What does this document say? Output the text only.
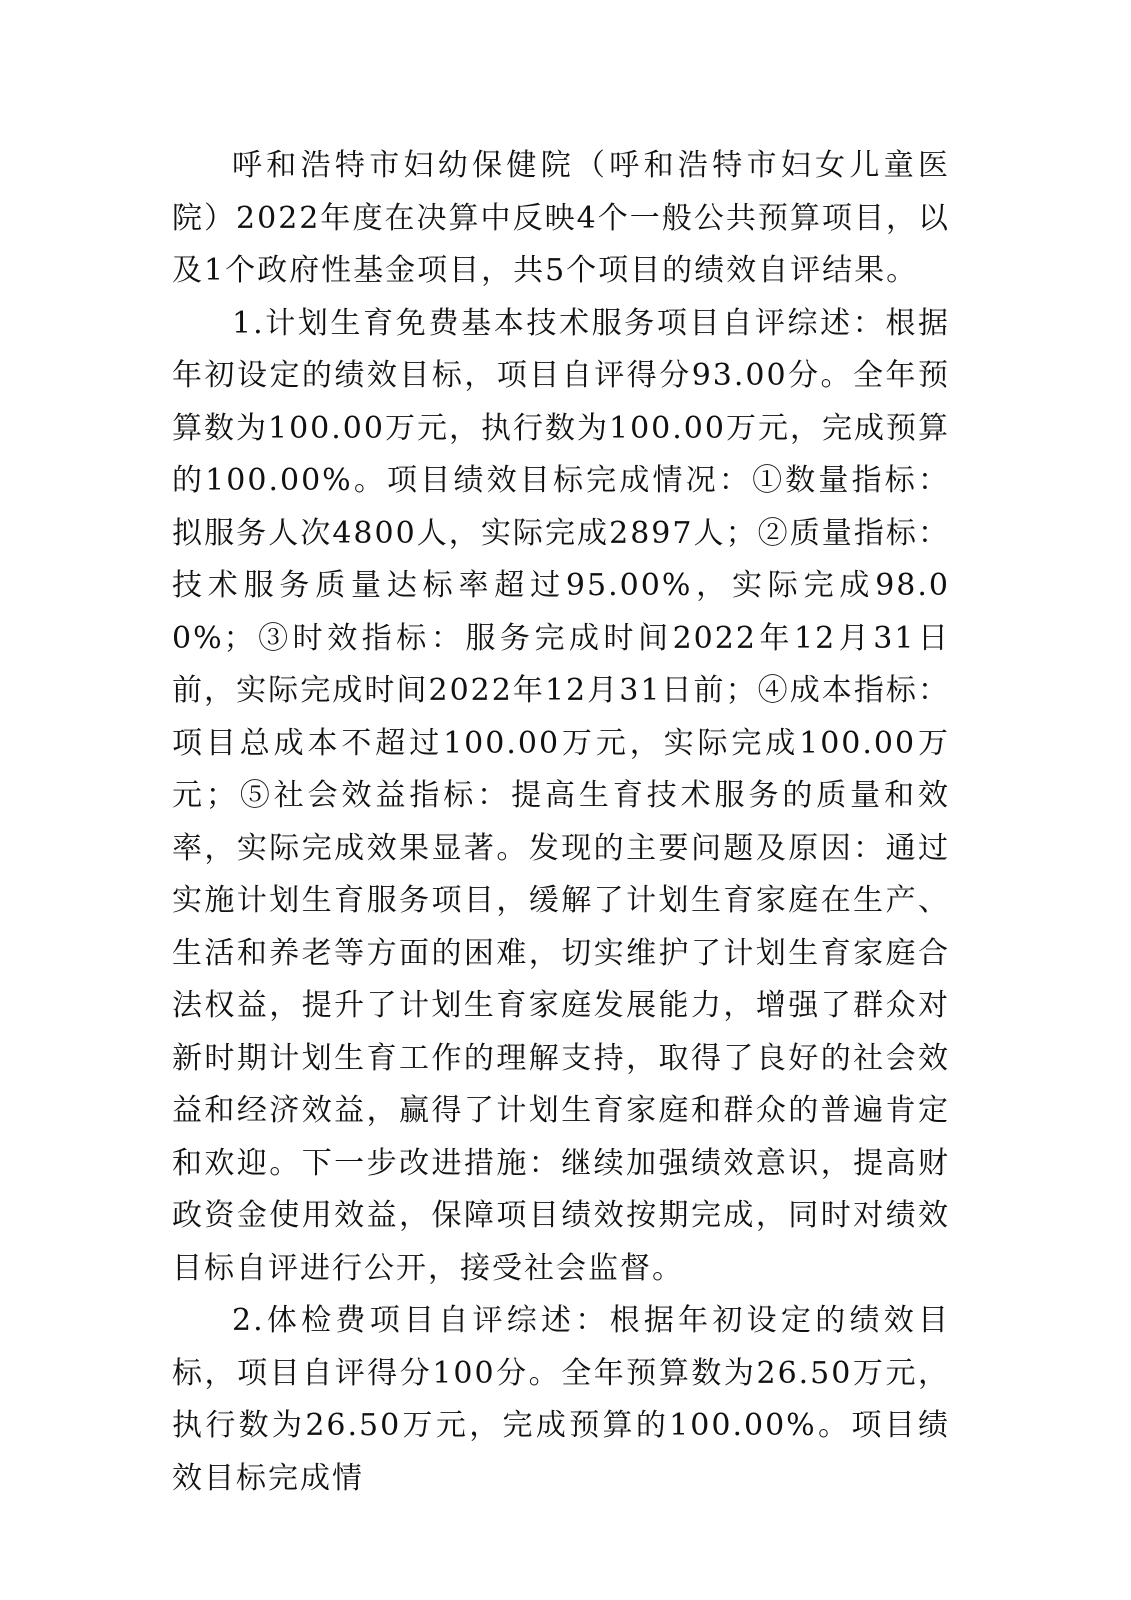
呼和浩特市妇幼保健院（呼和浩特市妇女儿童医院）2022年度在决算中反映4个一般公共预算项目，以及1个政府性基金项目，共5个项目的绩效自评结果。

1.计划生育免费基本技术服务项目自评综述：根据年初设定的绩效目标，项目自评得分93.00分。全年预算数为100.00万元，执行数为100.00万元，完成预算的100.00%。项目绩效目标完成情况：①数量指标：拟服务人次4800人，实际完成2897人；②质量指标：技术服务质量达标率超过95.00%，实际完成98.00%；③时效指标：服务完成时间2022年12月31日前，实际完成时间2022年12月31日前；④成本指标：项目总成本不超过100.00万元，实际完成100.00万元；⑤社会效益指标：提高生育技术服务的质量和效率，实际完成效果显著。发现的主要问题及原因：通过实施计划生育服务项目，缓解了计划生育家庭在生产、生活和养老等方面的困难，切实维护了计划生育家庭合法权益，提升了计划生育家庭发展能力，增强了群众对新时期计划生育工作的理解支持，取得了良好的社会效益和经济效益，赢得了计划生育家庭和群众的普遍肯定和欢迎。下一步改进措施：继续加强绩效意识，提高财政资金使用效益，保障项目绩效按期完成，同时对绩效目标自评进行公开，接受社会监督。

2.体检费项目自评综述：根据年初设定的绩效目标，项目自评得分100分。全年预算数为26.50万元，执行数为26.50万元，完成预算的100.00%。项目绩效目标完成情
